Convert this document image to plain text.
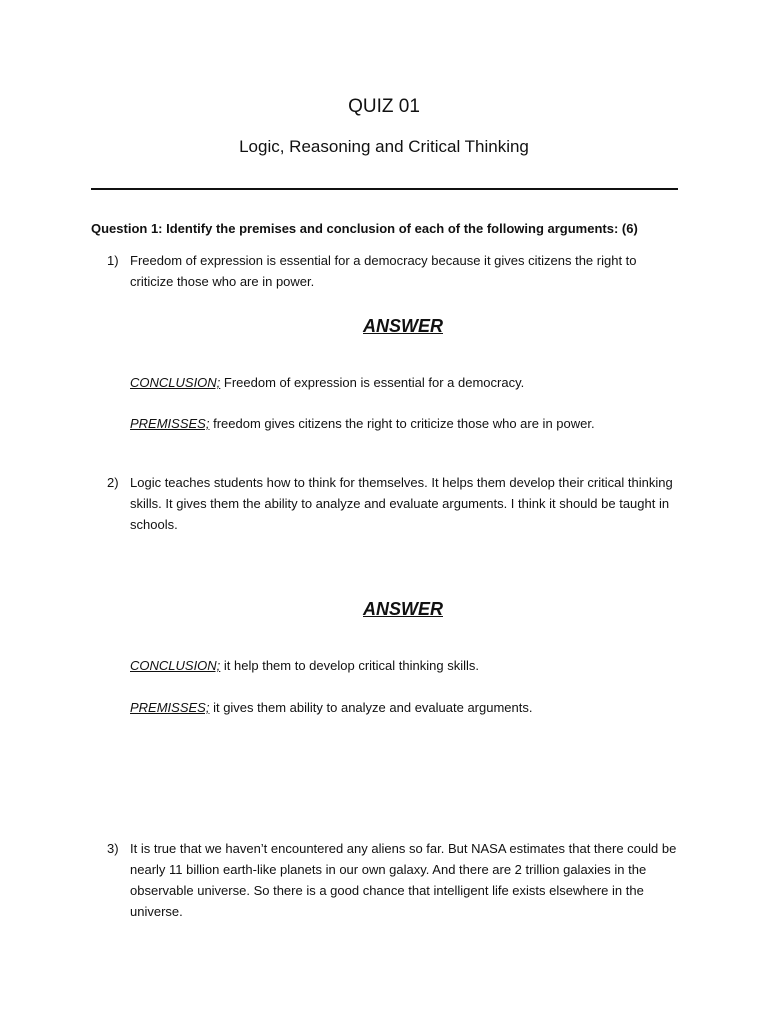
QUIZ 01
Logic, Reasoning and Critical Thinking
Question 1: Identify the premises and conclusion of each of the following arguments: (6)
1) Freedom of expression is essential for a democracy because it gives citizens the right to criticize those who are in power.
ANSWER
CONCLUSION; Freedom of expression is essential for a democracy.
PREMISSES; freedom gives citizens the right to criticize those who are in power.
2) Logic teaches students how to think for themselves. It helps them develop their critical thinking skills. It gives them the ability to analyze and evaluate arguments. I think it should be taught in schools.
ANSWER
CONCLUSION; it help them to develop critical thinking skills.
PREMISSES; it gives them ability to analyze and evaluate arguments.
3) It is true that we haven’t encountered any aliens so far. But NASA estimates that there could be nearly 11 billion earth-like planets in our own galaxy. And there are 2 trillion galaxies in the observable universe. So there is a good chance that intelligent life exists elsewhere in the universe.
